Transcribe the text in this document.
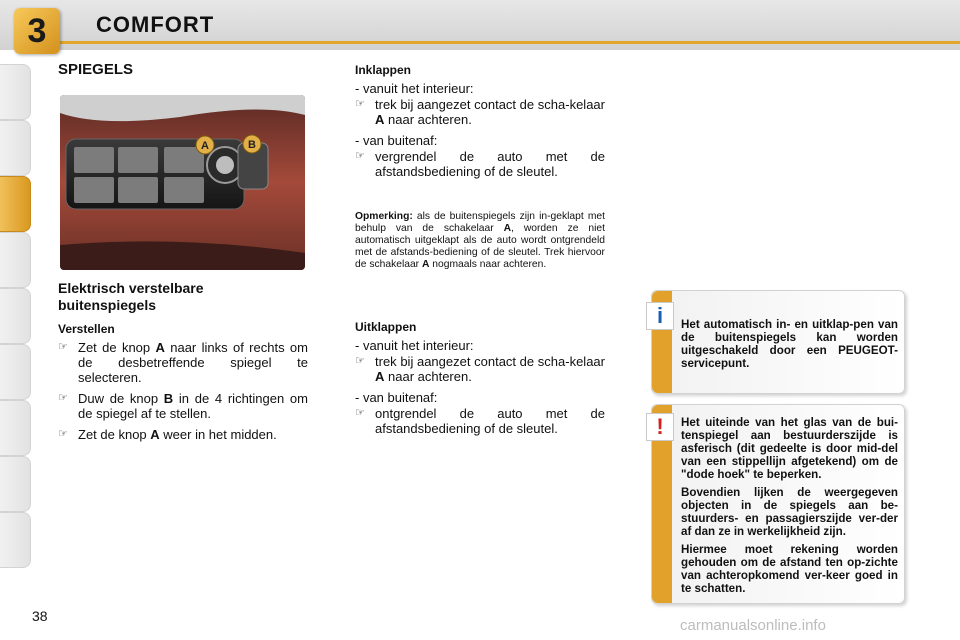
3	COMFORT
SPIEGELS
A	B
Elektrisch verstelbare
buitenspiegels
Verstellen
☞ Zet de knop A naar links of rechts om de desbetreffende spiegel te selecteren.
☞ Duw de knop B in de 4 richtingen om de spiegel af te stellen.
☞ Zet de knop A weer in het midden.
Inklappen
- vanuit het interieur:
☞ trek bij aangezet contact de scha-kelaar A naar achteren.
- van buitenaf:
☞ vergrendel de auto met de afstandsbediening of de sleutel.
Opmerking: als de buitenspiegels zijn in-geklapt met behulp van de schakelaar A, worden ze niet automatisch uitgeklapt als de auto wordt ontgrendeld met de afstands-bediening of de sleutel. Trek hiervoor de schakelaar A nogmaals naar achteren.
Uitklappen
- vanuit het interieur:
☞ trek bij aangezet contact de scha-kelaar A naar achteren.
- van buitenaf:
☞ ontgrendel de auto met de afstandsbediening of de sleutel.
i	Het automatisch in- en uitklap-pen van de buitenspiegels kan worden uitgeschakeld door een PEUGEOT-servicepunt.
!	Het uiteinde van het glas van de bui-tenspiegel aan bestuurderszijde is asferisch (dit gedeelte is door mid-del van een stippellijn afgetekend) om de "dode hoek" te beperken.

Bovendien lijken de weergegeven objecten in de spiegels aan be-stuurders- en passagierszijde ver-der af dan ze in werkelijkheid zijn.

Hiermee moet rekening worden gehouden om de afstand ten op-zichte van achteropkomend ver-keer goed in te schatten.

38
carmanualsonline.info
